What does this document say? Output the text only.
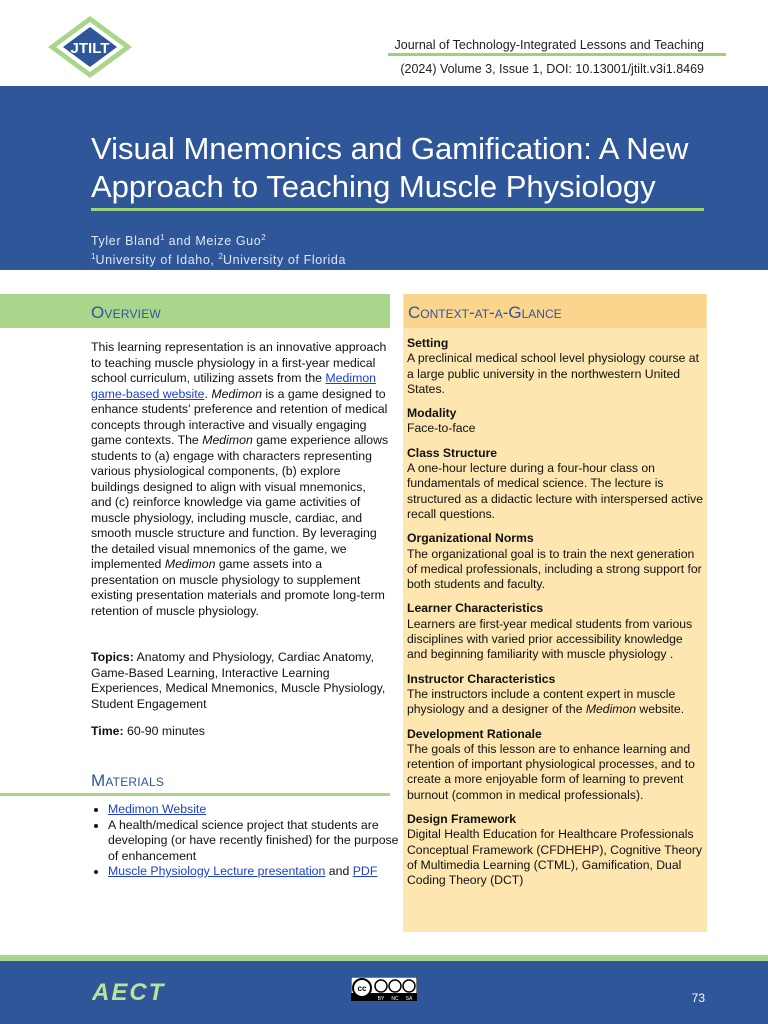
JTILT	Journal of Technology-Integrated Lessons and Teaching
(2024) Volume 3, Issue 1, DOI: 10.13001/jtilt.v3i1.8469
Visual Mnemonics and Gamification: A New Approach to Teaching Muscle Physiology
Tyler Bland$^1$ and Meize Guo$^2$
$^1$University of Idaho, $^2$University of Florida
Overview

This learning representation is an innovative approach to teaching muscle physiology in a first-year medical school curriculum, utilizing assets from the Medimon game-based website. Medimon is a game designed to enhance students' preference and retention of medical concepts through interactive and visually engaging game contexts. The Medimon game experience allows students to (a) engage with characters representing various physiological components, (b) explore buildings designed to align with visual mnemonics, and (c) reinforce knowledge via game activities of muscle physiology, including muscle, cardiac, and smooth muscle structure and function. By leveraging the detailed visual mnemonics of the game, we implemented Medimon game assets into a presentation on muscle physiology to supplement existing presentation materials and promote long-term retention of muscle physiology.

Topics: Anatomy and Physiology, Cardiac Anatomy, Game-Based Learning, Interactive Learning Experiences, Medical Mnemonics, Muscle Physiology, Student Engagement

Time: 60-90 minutes

Materials
• Medimon Website
• A health/medical science project that students are developing (or have recently finished) for the purpose of enhancement
• Muscle Physiology Lecture presentation and PDF
Context-at-a-Glance
Setting
A preclinical medical school level physiology course at a large public university in the northwestern United States.
Modality
Face-to-face
Class Structure
A one-hour lecture during a four-hour class on fundamentals of medical science. The lecture is structured as a didactic lecture with interspersed active recall questions.
Organizational Norms
The organizational goal is to train the next generation of medical professionals, including a strong support for both students and faculty.
Learner Characteristics
Learners are first-year medical students from various disciplines with varied prior accessibility knowledge and beginning familiarity with muscle physiology .
Instructor Characteristics
The instructors include a content expert in muscle physiology and a designer of the Medimon website.
Development Rationale
The goals of this lesson are to enhance learning and retention of important physiological processes, and to create a more enjoyable form of learning to prevent burnout (common in medical professionals).
Design Framework
Digital Health Education for Healthcare Professionals Conceptual Framework (CFDHEHP), Cognitive Theory of Multimedia Learning (CTML), Gamification, Dual Coding Theory (DCT)
AECT	cc
BY NC SA	73
